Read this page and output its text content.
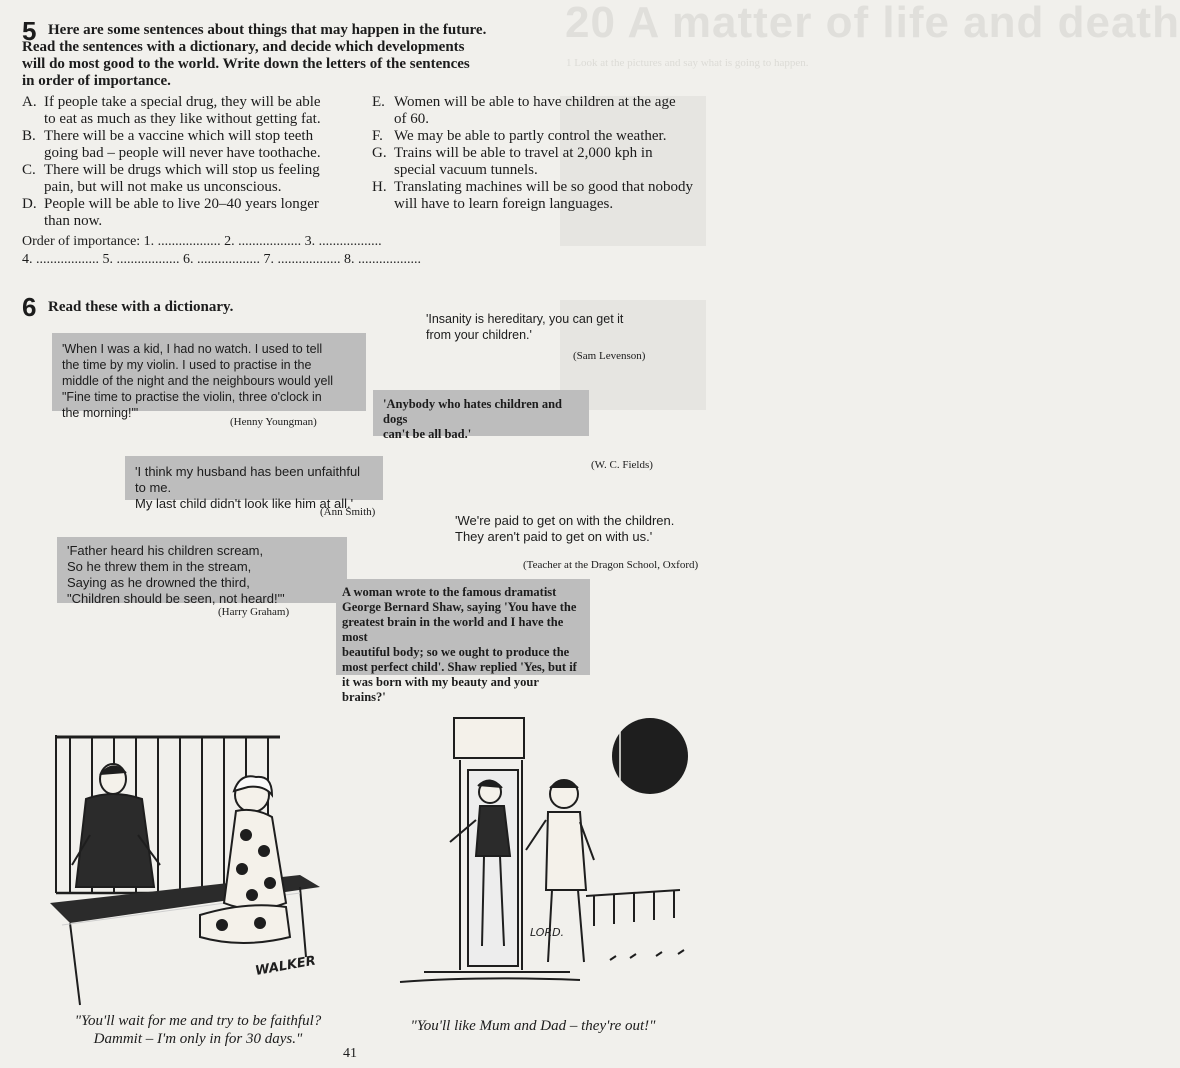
20 A matter of life and death
1 Look at the pictures and say what is going to happen.
5 Here are some sentences about things that may happen in the future.
Read the sentences with a dictionary, and decide which developments
will do most good to the world. Write down the letters of the sentences
in order of importance.
A. If people take a special drug, they will be able
to eat as much as they like without getting fat.
B. There will be a vaccine which will stop teeth
going bad – people will never have toothache.
C. There will be drugs which will stop us feeling
pain, but will not make us unconscious.
D. People will be able to live 20–40 years longer
than now.
E. Women will be able to have children at the age
of 60.
F. We may be able to partly control the weather.
G. Trains will be able to travel at 2,000 kph in
special vacuum tunnels.
H. Translating machines will be so good that nobody
will have to learn foreign languages.
Order of importance: 1. .................. 2. .................. 3. ..................
4. .................. 5. .................. 6. .................. 7. .................. 8. ..................
6 Read these with a dictionary.
'When I was a kid, I had no watch. I used to tell
the time by my violin. I used to practise in the
middle of the night and the neighbours would yell
"Fine time to practise the violin, three o'clock in
the morning!"'
(Henny Youngman)
'Insanity is hereditary, you can get it
from your children.'
(Sam Levenson)
'Anybody who hates children and dogs
can't be all bad.'
(W. C. Fields)
'I think my husband has been unfaithful to me.
My last child didn't look like him at all.'
(Ann Smith)
'We're paid to get on with the children.
They aren't paid to get on with us.'
(Teacher at the Dragon School, Oxford)
'Father heard his children scream,
So he threw them in the stream,
Saying as he drowned the third,
"Children should be seen, not heard!"'
(Harry Graham)
A woman wrote to the famous dramatist
George Bernard Shaw, saying 'You have the
greatest brain in the world and I have the most
beautiful body; so we ought to produce the
most perfect child'. Shaw replied 'Yes, but if
it was born with my beauty and your brains?'
WALKER
"You'll wait for me and try to be faithful?
Dammit – I'm only in for 30 days."
LORD.
"You'll like Mum and Dad – they're out!"
41
